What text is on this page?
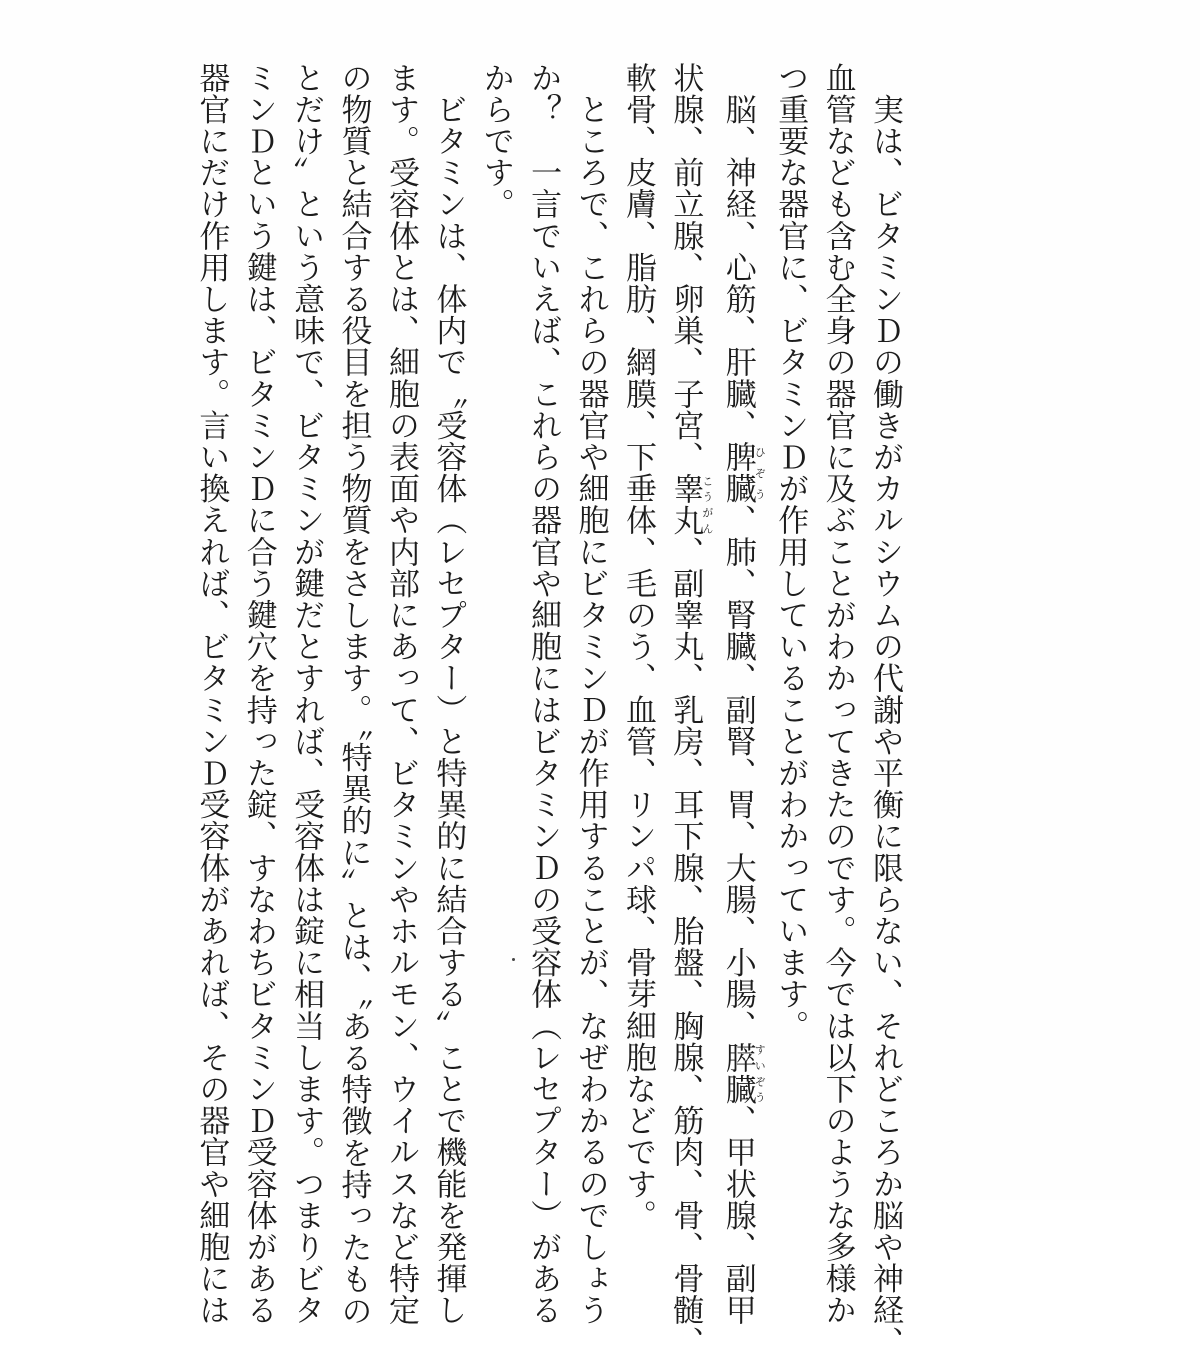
　実は、ビタミンＤの働きがカルシウムの代謝や平衡に限らない、それどころか脳や神経、
血管なども含む全身の器官に及ぶことがわかってきたのです。今では以下のような多様か
つ重要な器官に、ビタミンＤが作用していることがわかっています。
　脳、神経、心筋、肝臓、脾臓ひぞう、肺、腎臓、副腎、胃、大腸、小腸、膵臓すいぞう、甲状腺、副甲
状腺、前立腺、卵巣、子宮、睾丸こうがん、副睾丸、乳房、耳下腺、胎盤、胸腺、筋肉、骨、骨髄、
軟骨、皮膚、脂肪、網膜、下垂体、毛のう、血管、リンパ球、骨芽細胞などです。
　ところで、これらの器官や細胞にビタミンＤが作用することが、なぜわかるのでしょう
か？　一言でいえば、これらの器官や細胞にはビタミンＤの受容体（レセプター）がある
からです。
　ビタミンは、体内で〝受容体（レセプター）と特異的に結合する〟ことで機能を発揮し
ます。受容体とは、細胞の表面や内部にあって、ビタミンやホルモン、ウイルスなど特定
の物質と結合する役目を担う物質をさします。〝特異的に〟とは、〝ある特徴を持ったもの
とだけ〟という意味で、ビタミンが鍵だとすれば、受容体は錠に相当します。つまりビタ
ミンＤという鍵は、ビタミンＤに合う鍵穴を持った錠、すなわちビタミンＤ受容体がある
器官にだけ作用します。言い換えれば、ビタミンＤ受容体があれば、その器官や細胞には
